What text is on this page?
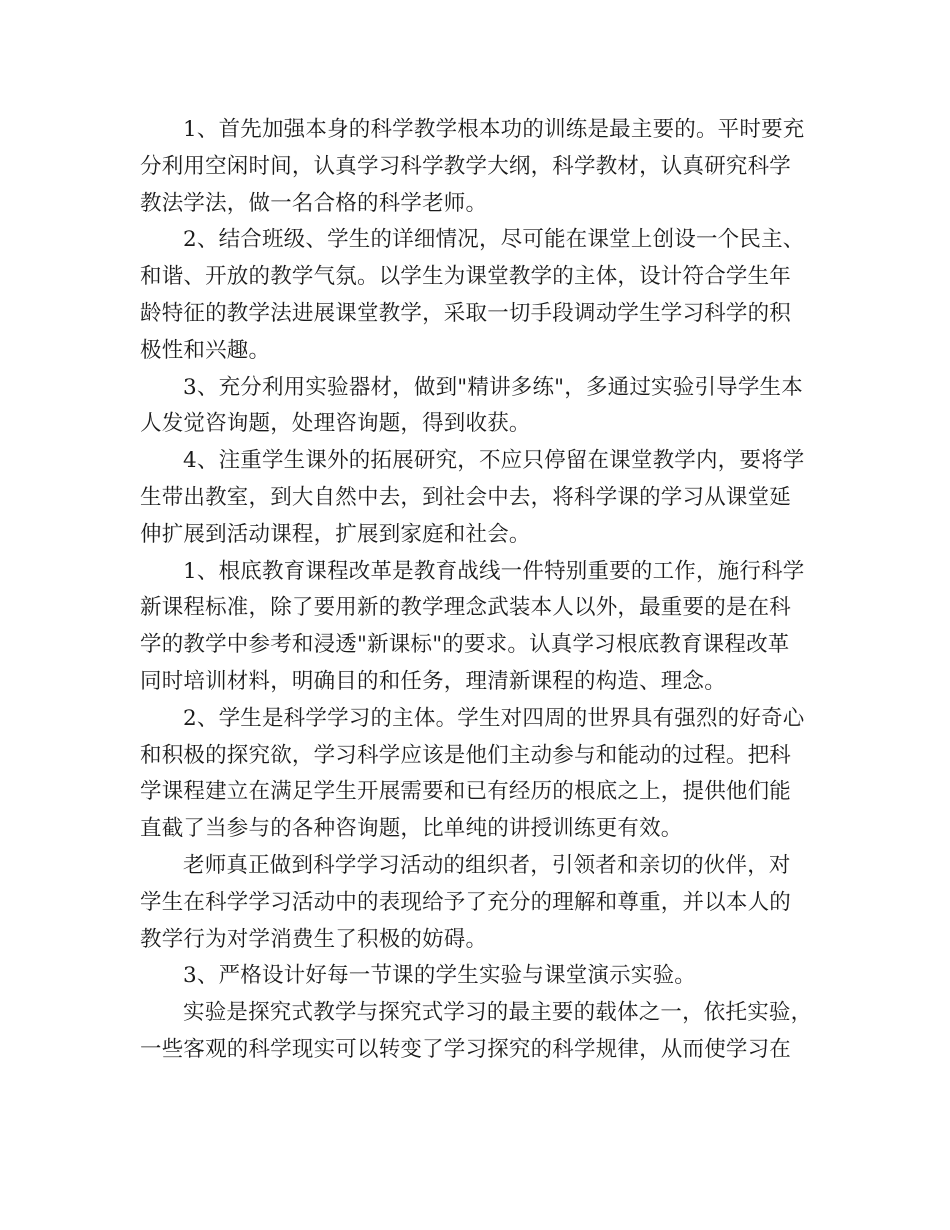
1、首先加强本身的科学教学根本功的训练是最主要的。平时要充
分利用空闲时间，认真学习科学教学大纲，科学教材，认真研究科学
教法学法，做一名合格的科学老师。

2、结合班级、学生的详细情况，尽可能在课堂上创设一个民主、
和谐、开放的教学气氛。以学生为课堂教学的主体，设计符合学生年
龄特征的教学法进展课堂教学，采取一切手段调动学生学习科学的积
极性和兴趣。

3、充分利用实验器材，做到"精讲多练"，多通过实验引导学生本
人发觉咨询题，处理咨询题，得到收获。

4、注重学生课外的拓展研究，不应只停留在课堂教学内，要将学
生带出教室，到大自然中去，到社会中去，将科学课的学习从课堂延
伸扩展到活动课程，扩展到家庭和社会。

1、根底教育课程改革是教育战线一件特别重要的工作，施行科学
新课程标准，除了要用新的教学理念武装本人以外，最重要的是在科
学的教学中参考和浸透"新课标"的要求。认真学习根底教育课程改革
同时培训材料，明确目的和任务，理清新课程的构造、理念。

2、学生是科学学习的主体。学生对四周的世界具有强烈的好奇心
和积极的探究欲，学习科学应该是他们主动参与和能动的过程。把科
学课程建立在满足学生开展需要和已有经历的根底之上，提供他们能
直截了当参与的各种咨询题，比单纯的讲授训练更有效。

老师真正做到科学学习活动的组织者，引领者和亲切的伙伴，对
学生在科学学习活动中的表现给予了充分的理解和尊重，并以本人的
教学行为对学消费生了积极的妨碍。

3、严格设计好每一节课的学生实验与课堂演示实验。

实验是探究式教学与探究式学习的最主要的载体之一，依托实验，
一些客观的科学现实可以转变了学习探究的科学规律，从而使学习在
